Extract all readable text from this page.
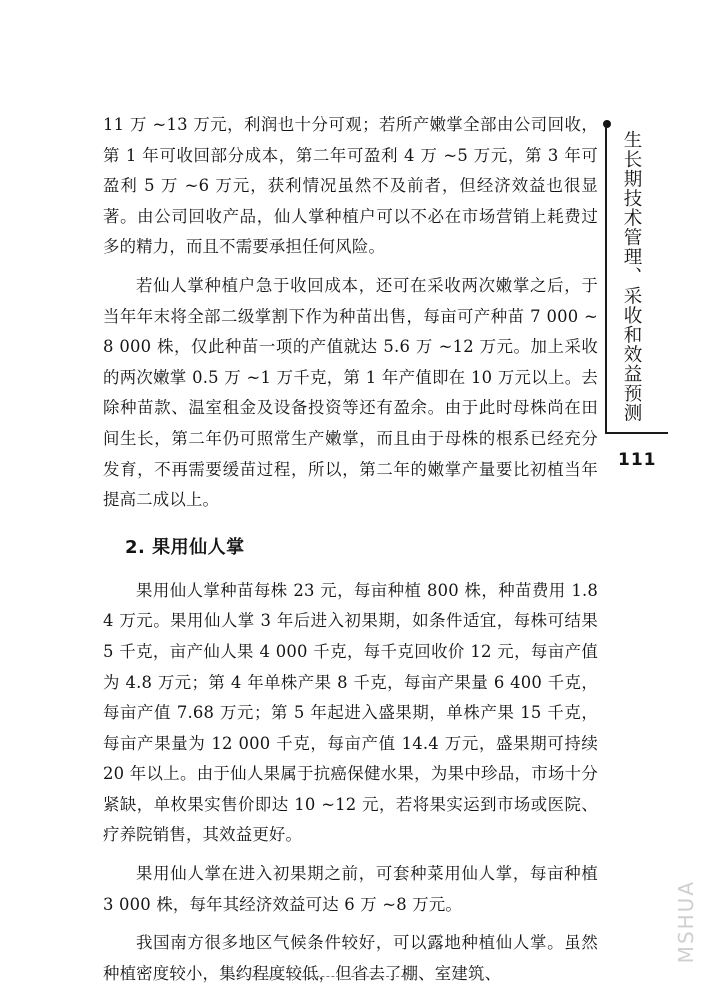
11 万 ~13 万元，利润也十分可观；若所产嫩掌全部由公司回收，第 1 年可收回部分成本，第二年可盈利 4 万 ~5 万元，第 3 年可盈利 5 万 ~6 万元，获利情况虽然不及前者，但经济效益也很显著。由公司回收产品，仙人掌种植户可以不必在市场营销上耗费过多的精力，而且不需要承担任何风险。

若仙人掌种植户急于收回成本，还可在采收两次嫩掌之后，于当年年末将全部二级掌割下作为种苗出售，每亩可产种苗 7 000 ~8 000 株，仅此种苗一项的产值就达 5.6 万 ~12 万元。加上采收的两次嫩掌 0.5 万 ~1 万千克，第 1 年产值即在 10 万元以上。去除种苗款、温室租金及设备投资等还有盈余。由于此时母株尚在田间生长，第二年仍可照常生产嫩掌，而且由于母株的根系已经充分发育，不再需要缓苗过程，所以，第二年的嫩掌产量要比初植当年提高二成以上。

2. 果用仙人掌

果用仙人掌种苗每株 23 元，每亩种植 800 株，种苗费用 1.84 万元。果用仙人掌 3 年后进入初果期，如条件适宜，每株可结果 5 千克，亩产仙人果 4 000 千克，每千克回收价 12 元，每亩产值为 4.8 万元；第 4 年单株产果 8 千克，每亩产果量 6 400 千克，每亩产值 7.68 万元；第 5 年起进入盛果期，单株产果 15 千克，每亩产果量为 12 000 千克，每亩产值 14.4 万元，盛果期可持续 20 年以上。由于仙人果属于抗癌保健水果，为果中珍品，市场十分紧缺，单枚果实售价即达 10 ~12 元，若将果实运到市场或医院、疗养院销售，其效益更好。

果用仙人掌在进入初果期之前，可套种菜用仙人掌，每亩种植 3 000 株，每年其经济效益可达 6 万 ~8 万元。

我国南方很多地区气候条件较好，可以露地种植仙人掌。虽然种植密度较小，集约程度较低，但省去了棚、室建筑、

生长期技术管理、采收和效益预测
111
MSHUA
